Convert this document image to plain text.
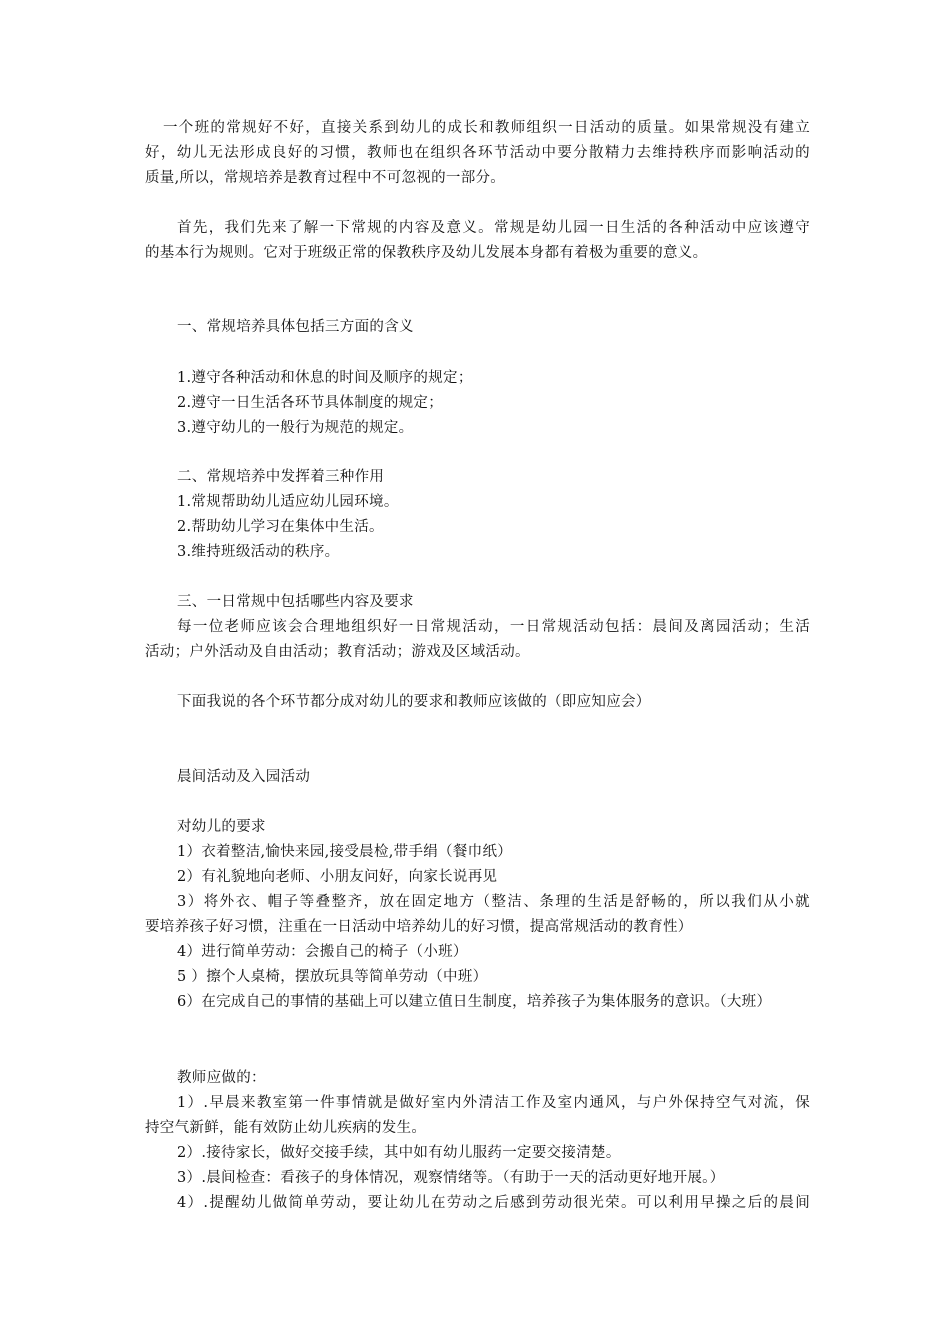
一个班的常规好不好，直接关系到幼儿的成长和教师组织一日活动的质量。如果常规没有建立
好，幼儿无法形成良好的习惯，教师也在组织各环节活动中要分散精力去维持秩序而影响活动的
质量,所以，常规培养是教育过程中不可忽视的一部分。
首先，我们先来了解一下常规的内容及意义。常规是幼儿园一日生活的各种活动中应该遵守
的基本行为规则。它对于班级正常的保教秩序及幼儿发展本身都有着极为重要的意义。
一、常规培养具体包括三方面的含义
1.遵守各种活动和休息的时间及顺序的规定；
2.遵守一日生活各环节具体制度的规定；
3.遵守幼儿的一般行为规范的规定。
二、常规培养中发挥着三种作用
1.常规帮助幼儿适应幼儿园环境。
2.帮助幼儿学习在集体中生活。
3.维持班级活动的秩序。
三、一日常规中包括哪些内容及要求
每一位老师应该会合理地组织好一日常规活动，一日常规活动包括：晨间及离园活动；生活
活动；户外活动及自由活动；教育活动；游戏及区域活动。
下面我说的各个环节都分成对幼儿的要求和教师应该做的（即应知应会）
晨间活动及入园活动
对幼儿的要求
1）衣着整洁,愉快来园,接受晨检,带手绢（餐巾纸）
2）有礼貌地向老师、小朋友问好，向家长说再见
3）将外衣、帽子等叠整齐，放在固定地方（整洁、条理的生活是舒畅的，所以我们从小就
要培养孩子好习惯，注重在一日活动中培养幼儿的好习惯，提高常规活动的教育性）
4）进行简单劳动：会搬自己的椅子（小班）
5 ）擦个人桌椅，摆放玩具等简单劳动（中班）
6）在完成自己的事情的基础上可以建立值日生制度，培养孩子为集体服务的意识。（大班）
教师应做的：
1）.早晨来教室第一件事情就是做好室内外清洁工作及室内通风，与户外保持空气对流，保
持空气新鲜，能有效防止幼儿疾病的发生。
2）.接待家长，做好交接手续，其中如有幼儿服药一定要交接清楚。
3）.晨间检查：看孩子的身体情况，观察情绪等。（有助于一天的活动更好地开展。）
4）.提醒幼儿做简单劳动，要让幼儿在劳动之后感到劳动很光荣。可以利用早操之后的晨间
